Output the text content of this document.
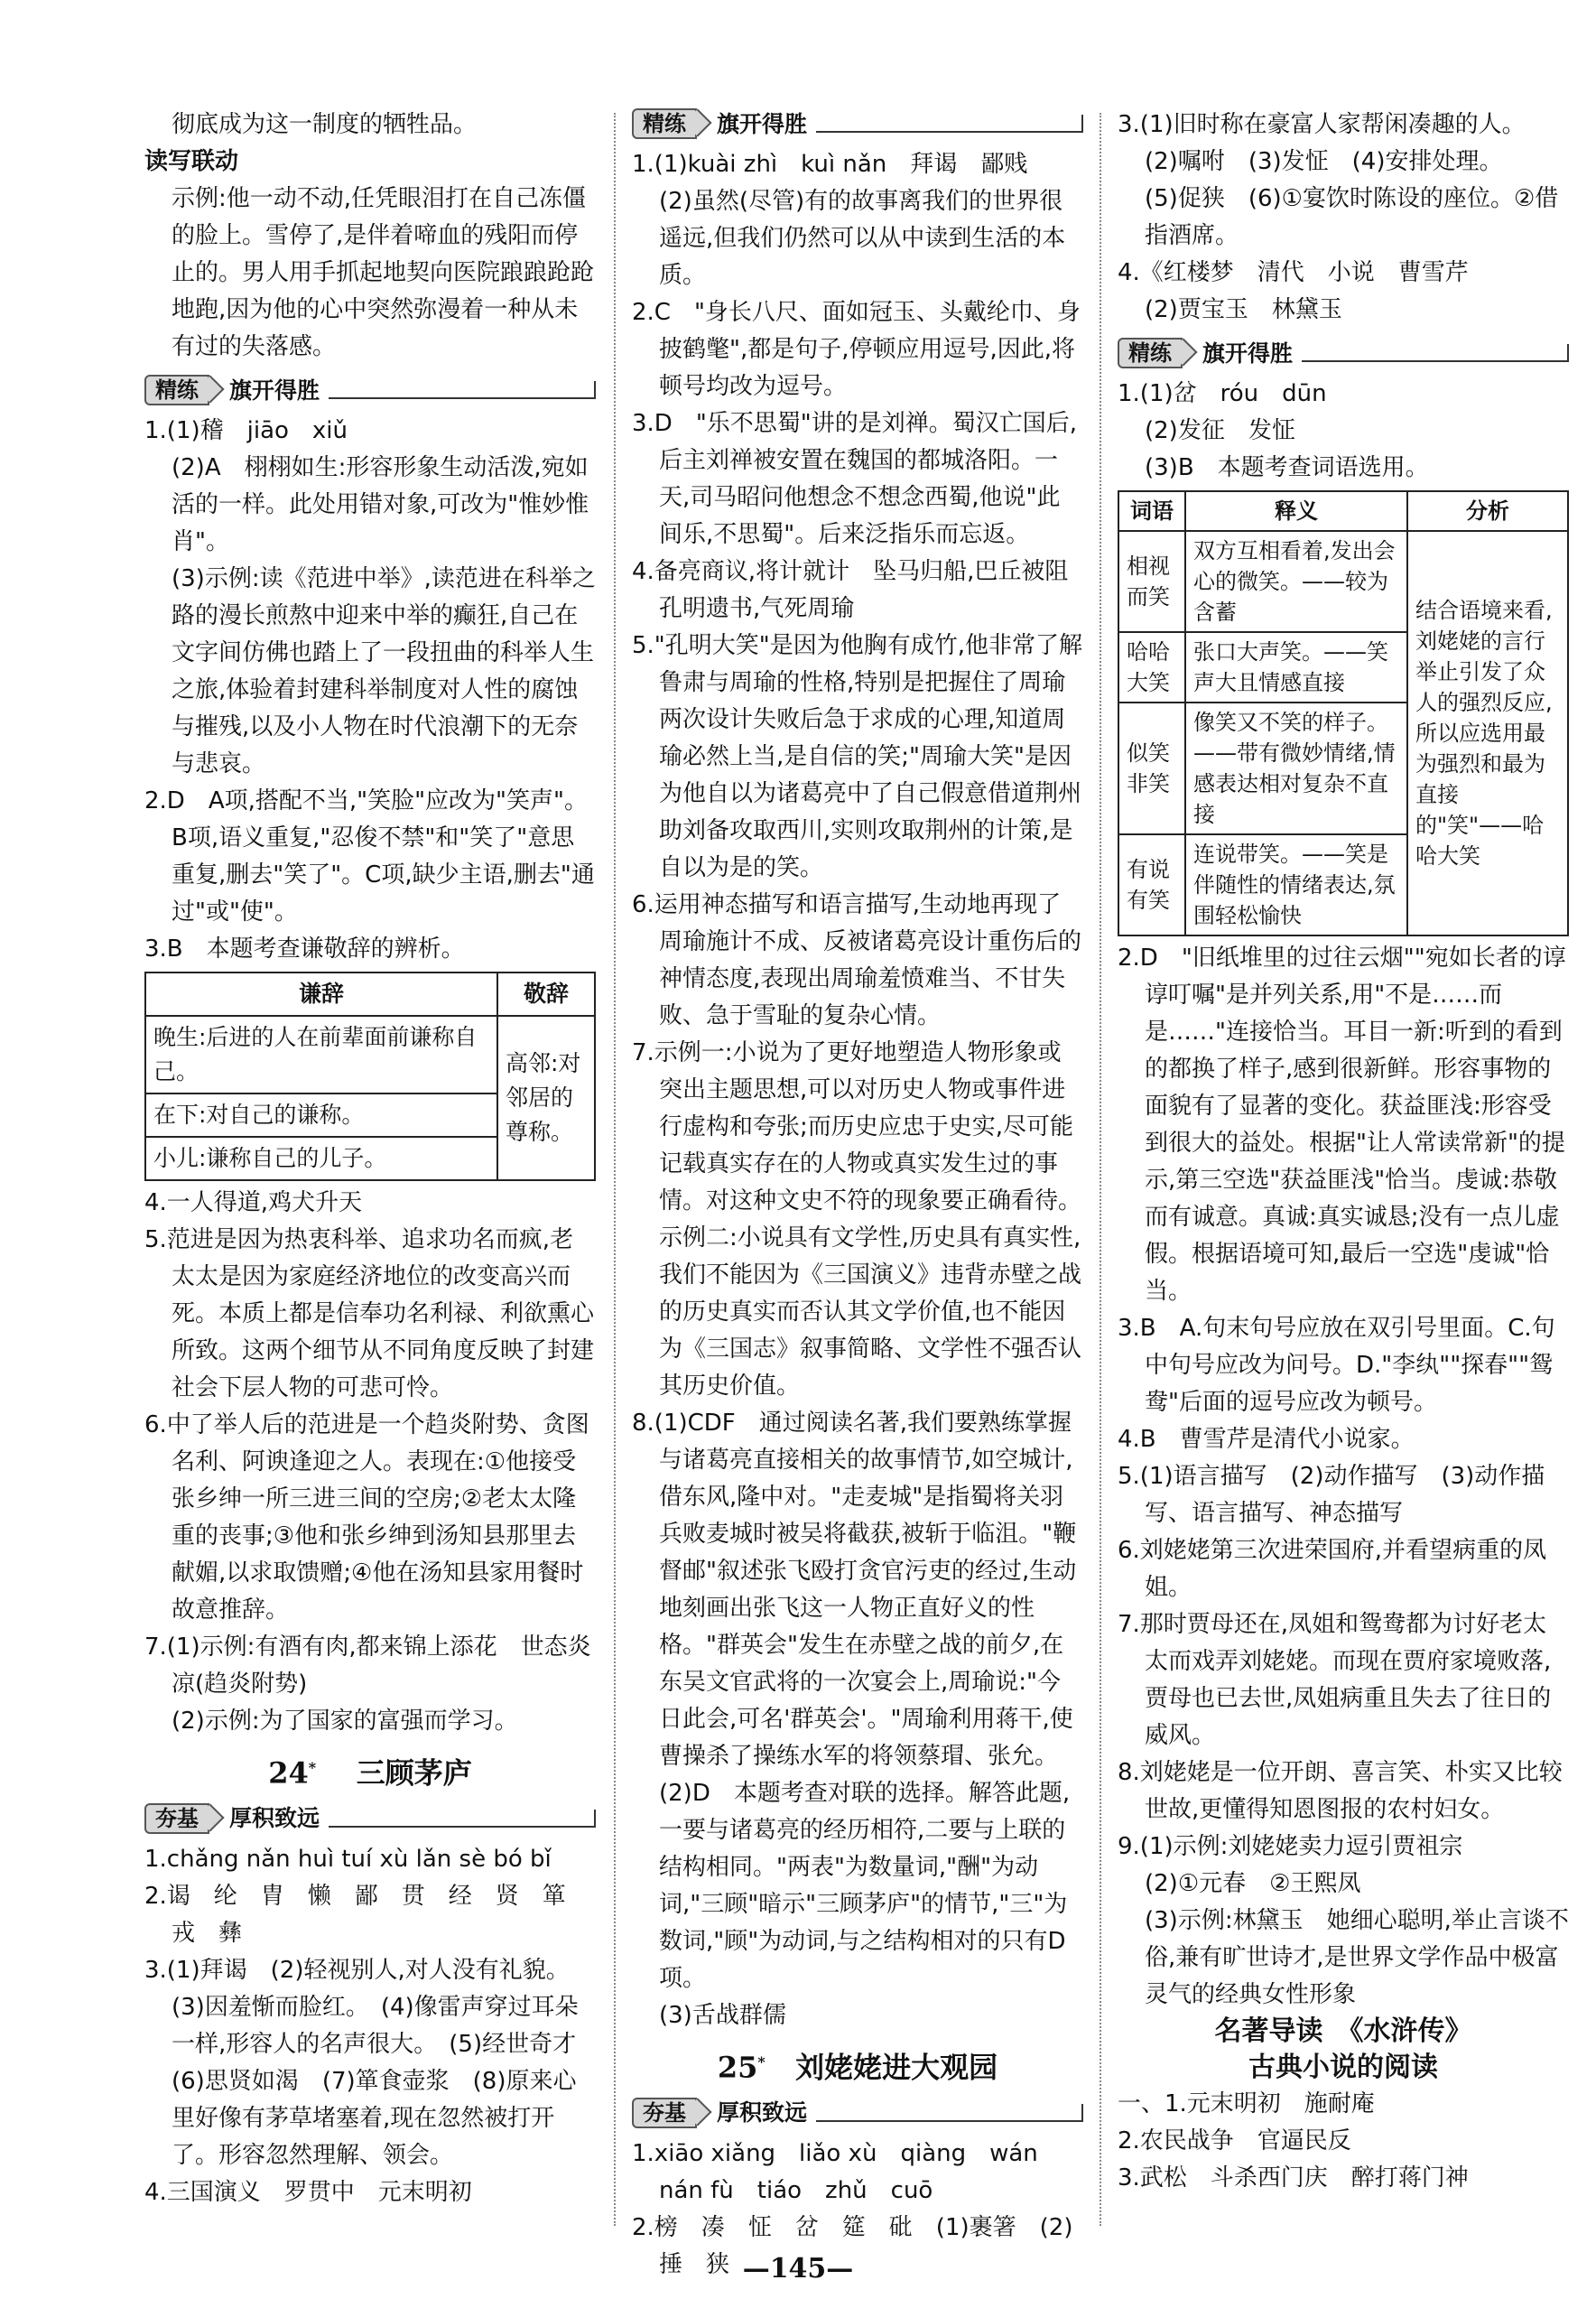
彻底成为这一制度的牺牲品。

读写联动

示例:他一动不动,任凭眼泪打在自己冻僵的脸上。雪停了,是伴着啼血的残阳而停止的。男人用手抓起地契向医院踉踉跄跄地跑,因为他的心中突然弥漫着一种从未有过的失落感。

精练	旗开得胜

1.(1)稽　jiāo　xiǔ

(2)A　栩栩如生:形容形象生动活泼,宛如活的一样。此处用错对象,可改为"惟妙惟肖"。

(3)示例:读《范进中举》,读范进在科举之路的漫长煎熬中迎来中举的癫狂,自己在文字间仿佛也踏上了一段扭曲的科举人生之旅,体验着封建科举制度对人性的腐蚀与摧残,以及小人物在时代浪潮下的无奈与悲哀。

2.D　A项,搭配不当,"笑脸"应改为"笑声"。B项,语义重复,"忍俊不禁"和"笑了"意思重复,删去"笑了"。C项,缺少主语,删去"通过"或"使"。

3.B　本题考查谦敬辞的辨析。

谦辞	敬辞
晚生:后进的人在前辈面前谦称自己。	高邻:对邻居的尊称。
在下:对自己的谦称。	
小儿:谦称自己的儿子。	

4.一人得道,鸡犬升天

5.范进是因为热衷科举、追求功名而疯,老太太是因为家庭经济地位的改变高兴而死。本质上都是信奉功名利禄、利欲熏心所致。这两个细节从不同角度反映了封建社会下层人物的可悲可怜。

6.中了举人后的范进是一个趋炎附势、贪图名利、阿谀逢迎之人。表现在:①他接受张乡绅一所三进三间的空房;②老太太隆重的丧事;③他和张乡绅到汤知县那里去献媚,以求取馈赠;④他在汤知县家用餐时故意推辞。

7.(1)示例:有酒有肉,都来锦上添花　世态炎凉(趋炎附势)

(2)示例:为了国家的富强而学习。

24* 三顾茅庐
夯基	厚积致远

1.chǎng nǎn huì tuí xù lǎn sè bó bǐ

2.谒　纶　胄　懒　鄙　贯　经　贤　箪　戎　彝

3.(1)拜谒　(2)轻视别人,对人没有礼貌。　(3)因羞惭而脸红。　(4)像雷声穿过耳朵一样,形容人的名声很大。　(5)经世奇才　(6)思贤如渴　(7)箪食壶浆　(8)原来心里好像有茅草堵塞着,现在忽然被打开了。形容忽然理解、领会。

4.三国演义　罗贯中　元末明初

精练	旗开得胜

1.(1)kuài zhì　kuì nǎn　拜谒　鄙贱

(2)虽然(尽管)有的故事离我们的世界很遥远,但我们仍然可以从中读到生活的本质。

2.C　"身长八尺、面如冠玉、头戴纶巾、身披鹤氅",都是句子,停顿应用逗号,因此,将顿号均改为逗号。

3.D　"乐不思蜀"讲的是刘禅。蜀汉亡国后,后主刘禅被安置在魏国的都城洛阳。一天,司马昭问他想念不想念西蜀,他说"此间乐,不思蜀"。后来泛指乐而忘返。

4.备亮商议,将计就计　坠马归船,巴丘被阻　孔明遗书,气死周瑜

5."孔明大笑"是因为他胸有成竹,他非常了解鲁肃与周瑜的性格,特别是把握住了周瑜两次设计失败后急于求成的心理,知道周瑜必然上当,是自信的笑;"周瑜大笑"是因为他自以为诸葛亮中了自己假意借道荆州助刘备攻取西川,实则攻取荆州的计策,是自以为是的笑。

6.运用神态描写和语言描写,生动地再现了周瑜施计不成、反被诸葛亮设计重伤后的神情态度,表现出周瑜羞愤难当、不甘失败、急于雪耻的复杂心情。

7.示例一:小说为了更好地塑造人物形象或突出主题思想,可以对历史人物或事件进行虚构和夸张;而历史应忠于史实,尽可能记载真实存在的人物或真实发生过的事情。对这种文史不符的现象要正确看待。

示例二:小说具有文学性,历史具有真实性,我们不能因为《三国演义》违背赤壁之战的历史真实而否认其文学价值,也不能因为《三国志》叙事简略、文学性不强否认其历史价值。

8.(1)CDF　通过阅读名著,我们要熟练掌握与诸葛亮直接相关的故事情节,如空城计,借东风,隆中对。"走麦城"是指蜀将关羽兵败麦城时被吴将截获,被斩于临沮。"鞭督邮"叙述张飞殴打贪官污吏的经过,生动地刻画出张飞这一人物正直好义的性格。"群英会"发生在赤壁之战的前夕,在东吴文官武将的一次宴会上,周瑜说:"今日此会,可名'群英会'。"周瑜利用蒋干,使曹操杀了操练水军的将领蔡瑁、张允。

(2)D　本题考查对联的选择。解答此题,一要与诸葛亮的经历相符,二要与上联的结构相同。"两表"为数量词,"酬"为动词,"三顾"暗示"三顾茅庐"的情节,"三"为数词,"顾"为动词,与之结构相对的只有D项。

(3)舌战群儒

25* 刘姥姥进大观园
夯基	厚积致远

1.xiāo xiǎng　liǎo xù　qiàng　wán nán fù　tiáo　zhǔ　cuō

2.榜　凑　怔　岔　筵　砒　(1)裹箸　(2)捶　狭

3.(1)旧时称在豪富人家帮闲凑趣的人。

(2)嘱咐　(3)发怔　(4)安排处理。

(5)促狭　(6)①宴饮时陈设的座位。②借指酒席。

4.《红楼梦　清代　小说　曹雪芹

(2)贾宝玉　林黛玉

精练	旗开得胜

1.(1)岔　róu　dūn

(2)发征　发怔

(3)B　本题考查词语选用。

词语	释义	分析
相视而笑	双方互相看着,发出会心的微笑。——较为含蓄	结合语境来看,刘姥姥的言行举止引发了众人的强烈反应,所以应选用最为强烈和最为直接的"笑"——哈哈大笑
哈哈大笑	张口大声笑。——笑声大且情感直接	
似笑非笑	像笑又不笑的样子。——带有微妙情绪,情感表达相对复杂不直接	
有说有笑	连说带笑。——笑是伴随性的情绪表达,氛围轻松愉快	

2.D　"旧纸堆里的过往云烟""宛如长者的谆谆叮嘱"是并列关系,用"不是……而是……"连接恰当。耳目一新:听到的看到的都换了样子,感到很新鲜。形容事物的面貌有了显著的变化。获益匪浅:形容受到很大的益处。根据"让人常读常新"的提示,第三空选"获益匪浅"恰当。虔诚:恭敬而有诚意。真诚:真实诚恳;没有一点儿虚假。根据语境可知,最后一空选"虔诚"恰当。

3.B　A.句末句号应放在双引号里面。C.句中句号应改为问号。D."李纨""探春""鸳鸯"后面的逗号应改为顿号。

4.B　曹雪芹是清代小说家。

5.(1)语言描写　(2)动作描写　(3)动作描写、语言描写、神态描写

6.刘姥姥第三次进荣国府,并看望病重的凤姐。

7.那时贾母还在,凤姐和鸳鸯都为讨好老太太而戏弄刘姥姥。而现在贾府家境败落,贾母也已去世,凤姐病重且失去了往日的威风。

8.刘姥姥是一位开朗、喜言笑、朴实又比较世故,更懂得知恩图报的农村妇女。

9.(1)示例:刘姥姥卖力逗引贾祖宗

(2)①元春　②王熙凤

(3)示例:林黛玉　她细心聪明,举止言谈不俗,兼有旷世诗才,是世界文学作品中极富灵气的经典女性形象

名著导读　《水浒传》
古典小说的阅读

一、1.元末明初　施耐庵

2.农民战争　官逼民反

3.武松　斗杀西门庆　醉打蒋门神

—145—
